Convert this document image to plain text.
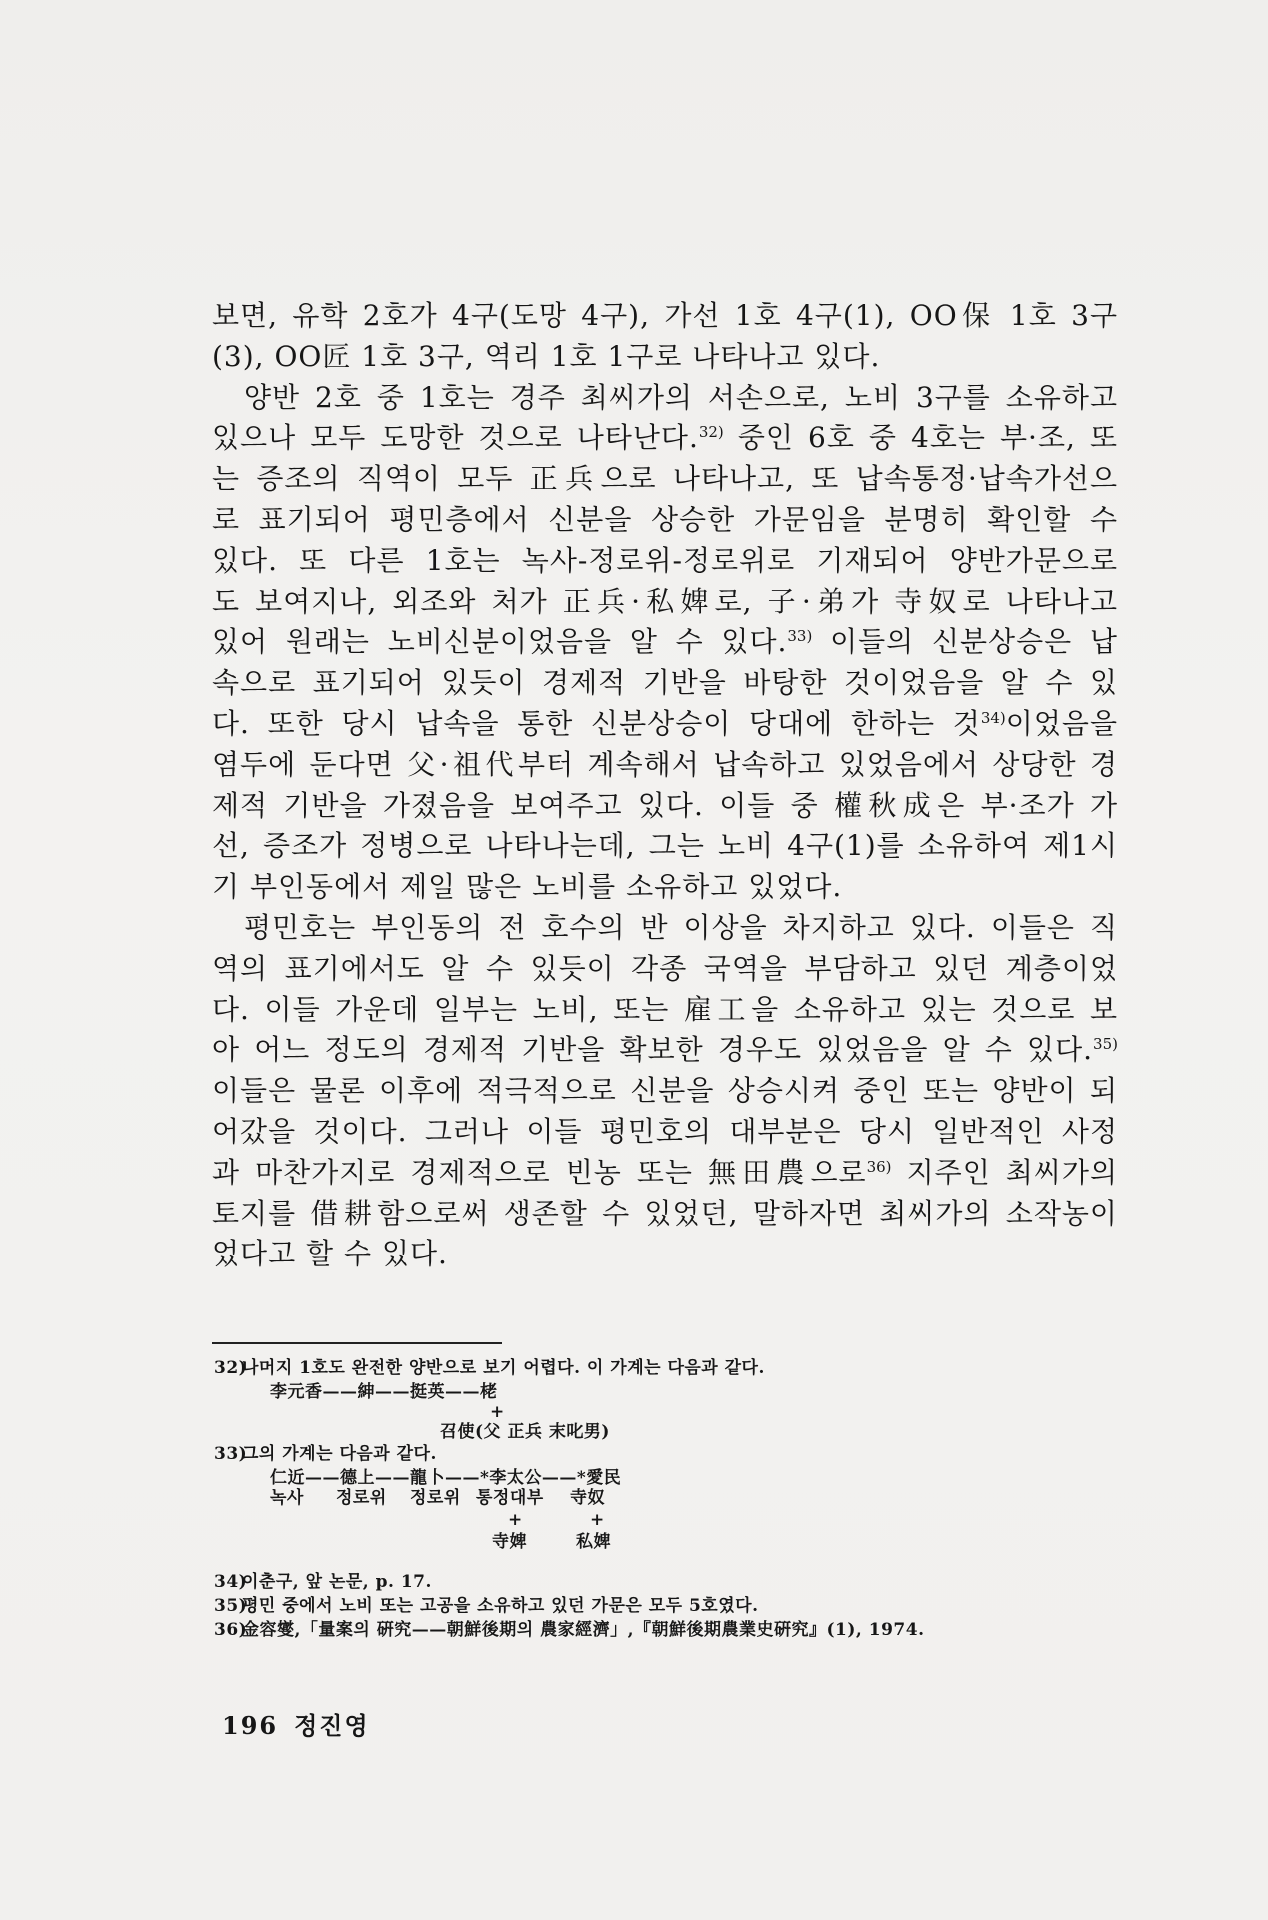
보면, 유학 2호가 4구(도망 4구), 가선 1호 4구(1), OO保 1호 3구
(3), OO匠 1호 3구, 역리 1호 1구로 나타나고 있다.
양반 2호 중 1호는 경주 최씨가의 서손으로, 노비 3구를 소유하고
있으나 모두 도망한 것으로 나타난다.$^{32)}$ 중인 6호 중 4호는 부·조, 또
는 증조의 직역이 모두 正兵으로 나타나고, 또 납속통정·납속가선으
로 표기되어 평민층에서 신분을 상승한 가문임을 분명히 확인할 수
있다. 또 다른 1호는 녹사-정로위-정로위로 기재되어 양반가문으로
도 보여지나, 외조와 처가 正兵·私婢로, 子·弟가 寺奴로 나타나고
있어 원래는 노비신분이었음을 알 수 있다.$^{33)}$ 이들의 신분상승은 납
속으로 표기되어 있듯이 경제적 기반을 바탕한 것이었음을 알 수 있
다. 또한 당시 납속을 통한 신분상승이 당대에 한하는 것$^{34)}$이었음을
염두에 둔다면 父·祖代부터 계속해서 납속하고 있었음에서 상당한 경
제적 기반을 가졌음을 보여주고 있다. 이들 중 權秋成은 부·조가 가
선, 증조가 정병으로 나타나는데, 그는 노비 4구(1)를 소유하여 제1시
기 부인동에서 제일 많은 노비를 소유하고 있었다.
평민호는 부인동의 전 호수의 반 이상을 차지하고 있다. 이들은 직
역의 표기에서도 알 수 있듯이 각종 국역을 부담하고 있던 계층이었
다. 이들 가운데 일부는 노비, 또는 雇工을 소유하고 있는 것으로 보
아 어느 정도의 경제적 기반을 확보한 경우도 있었음을 알 수 있다.$^{35)}$
이들은 물론 이후에 적극적으로 신분을 상승시켜 중인 또는 양반이 되
어갔을 것이다. 그러나 이들 평민호의 대부분은 당시 일반적인 사정
과 마찬가지로 경제적으로 빈농 또는 無田農으로$^{36)}$ 지주인 최씨가의
토지를 借耕함으로써 생존할 수 있었던, 말하자면 최씨가의 소작농이
었다고 할 수 있다.
32)나머지 1호도 완전한 양반으로 보기 어렵다. 이 가계는 다음과 같다.
李元香——紳——挺英——栳
+
召使(父 正兵 末叱男)
33)그의 가계는 다음과 같다.
仁近——德上——龍卜——*李太公——*愛民
녹사 정로위 정로위 통정대부 寺奴
+	+
寺婢	私婢
34)이춘구, 앞 논문, p. 17.
35)평민 중에서 노비 또는 고공을 소유하고 있던 가문은 모두 5호였다.
36)金容燮,「量案의 硏究——朝鮮後期의 農家經濟」,『朝鮮後期農業史硏究』(1), 1974.
196 정진영
